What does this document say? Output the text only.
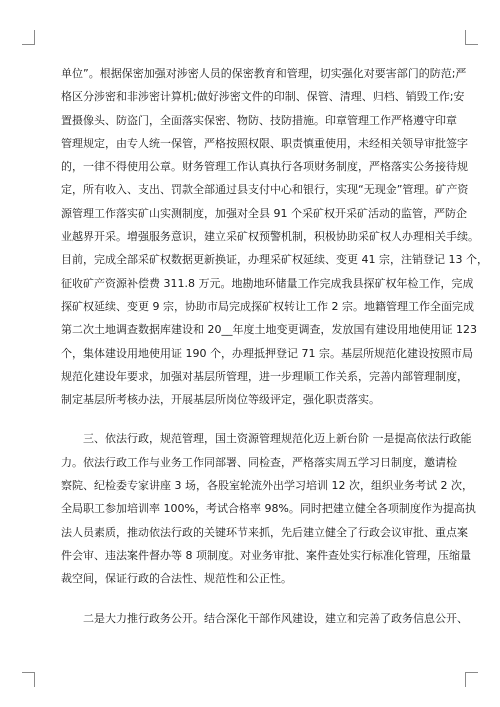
单位”。根据保密加强对涉密人员的保密教育和管理，切实强化对要害部门的防范;严
格区分涉密和非涉密计算机;做好涉密文件的印制、保管、清理、归档、销毁工作;安
置摄像头、防盗门，全面落实保密、物防、技防措施。印章管理工作严格遵守印章
管理规定，由专人统一保管，严格按照权限、职责慎重使用，未经相关领导审批签字
的，一律不得使用公章。财务管理工作认真执行各项财务制度，严格落实公务接待规
定，所有收入、支出、罚款全部通过县支付中心和银行，实现“无现金”管理。矿产资
源管理工作落实矿山实测制度，加强对全县 91 个采矿权开采矿活动的监管，严防企
业越界开采。增强服务意识，建立采矿权预警机制，积极协助采矿权人办理相关手续。
目前，完成全部采矿权数据更新换证，办理采矿权延续、变更 41 宗，注销登记 13 个，
征收矿产资源补偿费 311.8 万元。地勘地环储量工作完成我县探矿权年检工作，完成
探矿权延续、变更 9 宗，协助市局完成探矿权转让工作 2 宗。地籍管理工作全面完成
第二次土地调查数据库建设和 20__年度土地变更调查，发放国有建设用地使用证 123
个，集体建设用地使用证 190 个，办理抵押登记 71 宗。基层所规范化建设按照市局
规范化建设年要求，加强对基层所管理，进一步理顺工作关系，完善内部管理制度，
制定基层所考核办法，开展基层所岗位等级评定，强化职责落实。
三、依法行政，规范管理，国土资源管理规范化迈上新台阶 一是提高依法行政能
力。依法行政工作与业务工作同部署、同检查，严格落实周五学习日制度，邀请检
察院、纪检委专家讲座 3 场，各股室轮流外出学习培训 12 次，组织业务考试 2 次，
全局职工参加培训率 100%，考试合格率 98%。同时把建立健全各项制度作为提高执
法人员素质，推动依法行政的关键环节来抓，先后建立健全了行政会议审批、重点案
件会审、违法案件督办等 8 项制度。对业务审批、案件查处实行标准化管理，压缩量
裁空间，保证行政的合法性、规范性和公正性。
二是大力推行政务公开。结合深化干部作风建设，建立和完善了政务信息公开、
